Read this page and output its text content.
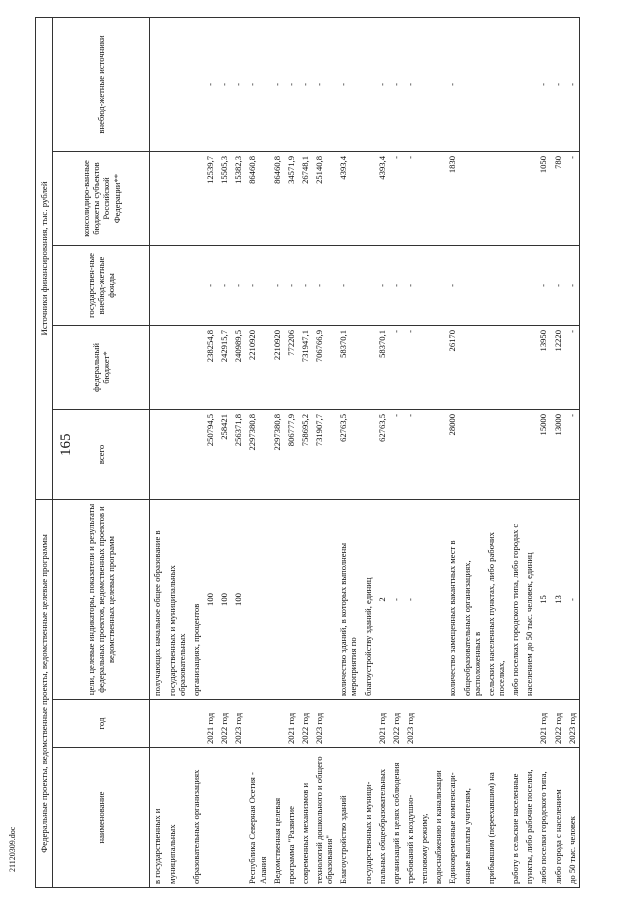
165
21120309.doc	Федеральные проекты, ведомственные проекты, ведомственные целевые программы			Источники финансирования, тыс. рублей				
наименование	год	цели, целевые индикаторы, показатели и результаты федеральных проектов, ведомственных проектов и ведомственных целевых программ	всего	федеральный бюджет*	государствен-ные внебюд-жетные фонды	консолидиро-ванные бюджеты субъектов Российской Федерации**	внебюд-жетные источники
в государственных и		получающих начальное общее образование в					
муниципальных		государственных и муниципальных образовательных					
образовательных организациях		организациях, процентов					
	2021 год	100	250794,5	238254,8	-	12539,7	-
	2022 год	100	258421	242915,7	-	15505,3	-
	2023 год	100	256371,8	240989,5	-	15382,3	-
Республика Северная Осетия - Алания			2297380,8	2210920	-	86460,8	-
Ведомственная целевая			2297380,8	2210920	-	86460,8	-
программа "Развитие	2021 год		806777,9	772206	-	34571,9	-
современных механизмов и	2022 год		758695,2	731947,1	-	26748,1	-
технологий дошкольного и общего образования"	2023 год		731907,7	706766,9	-	25140,8	-
Благоустройство зданий		количество зданий, в которых выполнены мероприятия по	62763,5	58370,1	-	4393,4	-
государственных и муници-		благоустройству зданий, единиц					
пальных общеобразовательных	2021 год	2	62763,5	58370,1	-	4393,4	-
организаций в целях соблюдения	2022 год	-	-	-	-	-	-
требований к воздушно-	2023 год	-	-	-	-	-	-
тепловому режиму,							
водоснабжению и канализации							
Единовременные компенсаци-		количество замещенных вакантных мест в	28000	26170	-	1830	-
онные выплаты учителям,		общеобразовательных организациях, расположенных в					
прибывшим (переехавшим) на		сельских населенных пунктах, либо рабочих поселках,					
работу в сельские населенные		либо поселках городского типа, либо городах с					
пункты, либо рабочие поселки,		населением до 50 тыс. человек, единиц					
либо поселки городского типа,	2021 год	15	15000	13950	-	1050	-
либо города с населением	2022 год	13	13000	12220	-	780	-
до 50 тыс. человек	2023 год	-	-	-	-	-	-
